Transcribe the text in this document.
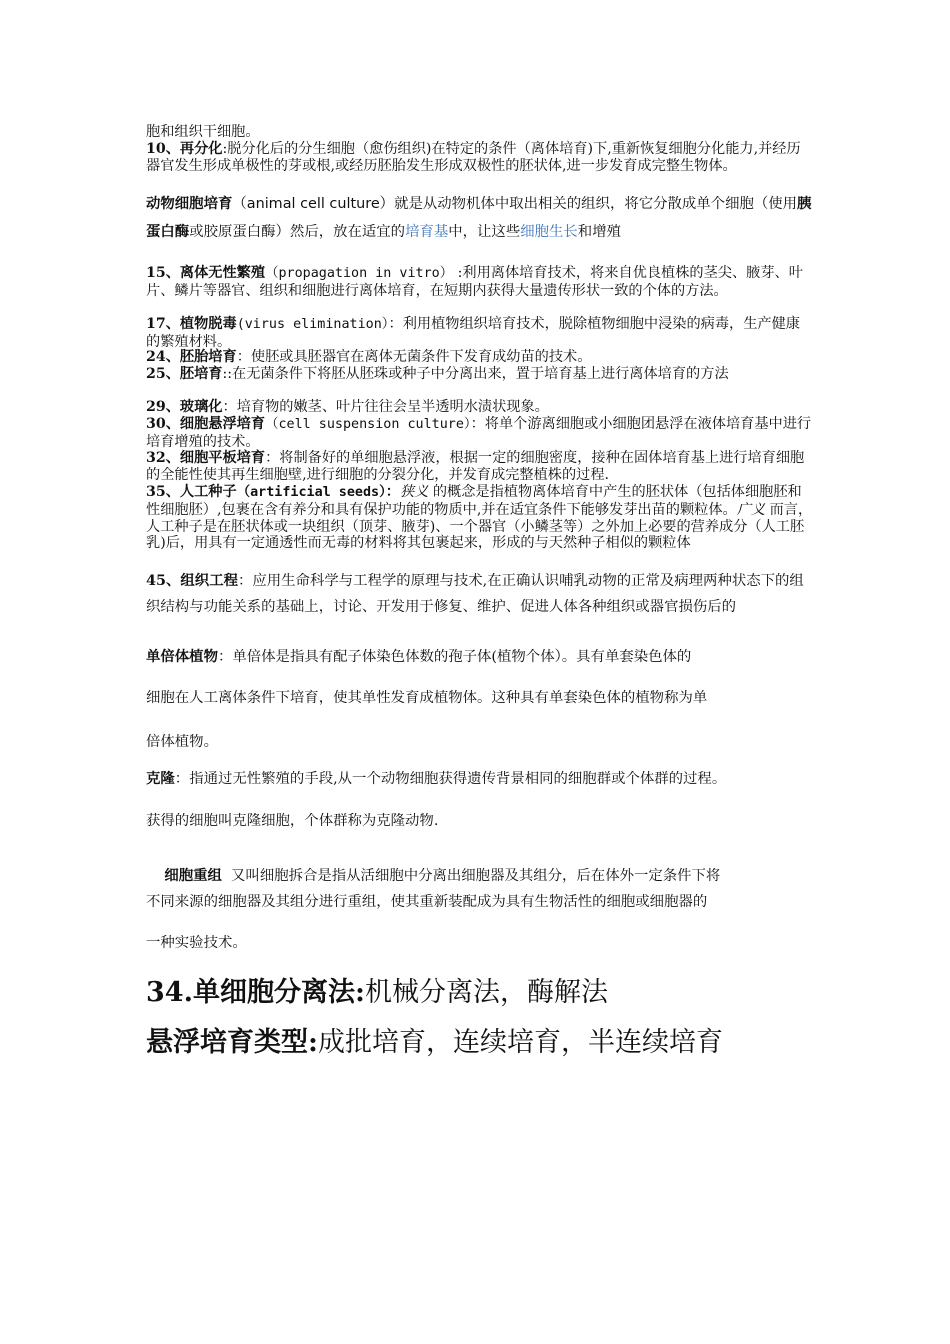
胞和组织干细胞。

10、再分化:脱分化后的分生细胞（愈伤组织)在特定的条件（离体培育)下,重新恢复细胞分化能力,并经历器官发生形成单极性的芽或根,或经历胚胎发生形成双极性的胚状体,进一步发育成完整生物体。

动物细胞培育（animal cell culture）就是从动物机体中取出相关的组织，将它分散成单个细胞（使用胰蛋白酶或胶原蛋白酶）然后，放在适宜的培育基中，让这些细胞生长和增殖

15、离体无性繁殖（propagation in vitro） :利用离体培育技术，将来自优良植株的茎尖、腋芽、叶片、鳞片等器官、组织和细胞进行离体培育，在短期内获得大量遗传形状一致的个体的方法。

17、植物脱毒(virus elimination）：利用植物组织培育技术，脱除植物细胞中浸染的病毒，生产健康的繁殖材料。

24、胚胎培育：使胚或具胚器官在离体无菌条件下发育成幼苗的技术。

25、胚培育::在无菌条件下将胚从胚珠或种子中分离出来，置于培育基上进行离体培育的方法

29、玻璃化：培育物的嫩茎、叶片往往会呈半透明水渍状现象。

30、细胞悬浮培育（cell suspension culture）：将单个游离细胞或小细胞团悬浮在液体培育基中进行培育增殖的技术。

32、细胞平板培育：将制备好的单细胞悬浮液，根据一定的细胞密度，接种在固体培育基上进行培育细胞的全能性使其再生细胞壁,进行细胞的分裂分化，并发育成完整植株的过程.

35、人工种子（artificial seeds）：狭义 的概念是指植物离体培育中产生的胚状体（包括体细胞胚和性细胞胚）,包裹在含有养分和具有保护功能的物质中,并在适宜条件下能够发芽出苗的颗粒体。广义 而言，人工种子是在胚状体或一块组织（顶芽、腋芽)、一个器官（小鳞茎等）之外加上必要的营养成分（人工胚乳)后，用具有一定通透性而无毒的材料将其包裹起来，形成的与天然种子相似的颗粒体

45、组织工程：应用生命科学与工程学的原理与技术,在正确认识哺乳动物的正常及病理两种状态下的组织结构与功能关系的基础上，讨论、开发用于修复、维护、促进人体各种组织或器官损伤后的

单倍体植物：单倍体是指具有配子体染色体数的孢子体(植物个体）。具有单套染色体的
细胞在人工离体条件下培育，使其单性发育成植物体。这种具有单套染色体的植物称为单
倍体植物。
克隆：指通过无性繁殖的手段,从一个动物细胞获得遗传背景相同的细胞群或个体群的过程。
获得的细胞叫克隆细胞，个体群称为克隆动物.

细胞重组  又叫细胞拆合是指从活细胞中分离出细胞器及其组分，后在体外一定条件下将

不同来源的细胞器及其组分进行重组，使其重新装配成为具有生物活性的细胞或细胞器的
一种实验技术。
34.单细胞分离法:机械分离法，酶解法
悬浮培育类型:成批培育，连续培育，半连续培育
